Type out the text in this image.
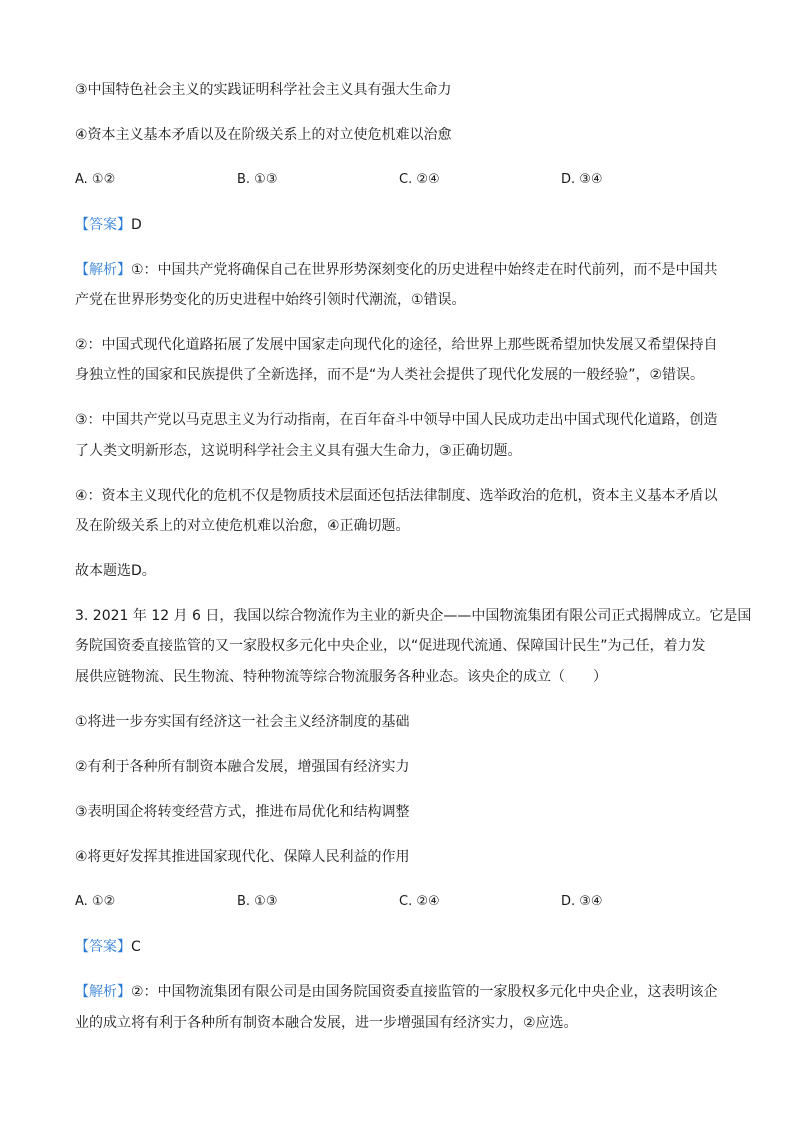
③中国特色社会主义的实践证明科学社会主义具有强大生命力
④资本主义基本矛盾以及在阶级关系上的对立使危机难以治愈
A. ①②	B. ①③	C. ②④	D. ③④
【答案】D
【解析】①：中国共产党将确保自己在世界形势深刻变化的历史进程中始终走在时代前列，而不是中国共
产党在世界形势变化的历史进程中始终引领时代潮流，①错误。
②：中国式现代化道路拓展了发展中国家走向现代化的途径，给世界上那些既希望加快发展又希望保持自
身独立性的国家和民族提供了全新选择，而不是“为人类社会提供了现代化发展的一般经验”，②错误。
③：中国共产党以马克思主义为行动指南，在百年奋斗中领导中国人民成功走出中国式现代化道路，创造
了人类文明新形态，这说明科学社会主义具有强大生命力，③正确切题。
④：资本主义现代化的危机不仅是物质技术层面还包括法律制度、选举政治的危机，资本主义基本矛盾以
及在阶级关系上的对立使危机难以治愈，④正确切题。
故本题选D。
3. 2021 年 12 月 6 日，我国以综合物流作为主业的新央企——中国物流集团有限公司正式揭牌成立。它是国
务院国资委直接监管的又一家股权多元化中央企业，以“促进现代流通、保障国计民生”为己任，着力发
展供应链物流、民生物流、特种物流等综合物流服务各种业态。该央企的成立（　　）
①将进一步夯实国有经济这一社会主义经济制度的基础
②有利于各种所有制资本融合发展，增强国有经济实力
③表明国企将转变经营方式，推进布局优化和结构调整
④将更好发挥其推进国家现代化、保障人民利益的作用
A. ①②	B. ①③	C. ②④	D. ③④
【答案】C
【解析】②：中国物流集团有限公司是由国务院国资委直接监管的一家股权多元化中央企业，这表明该企
业的成立将有利于各种所有制资本融合发展，进一步增强国有经济实力，②应选。
